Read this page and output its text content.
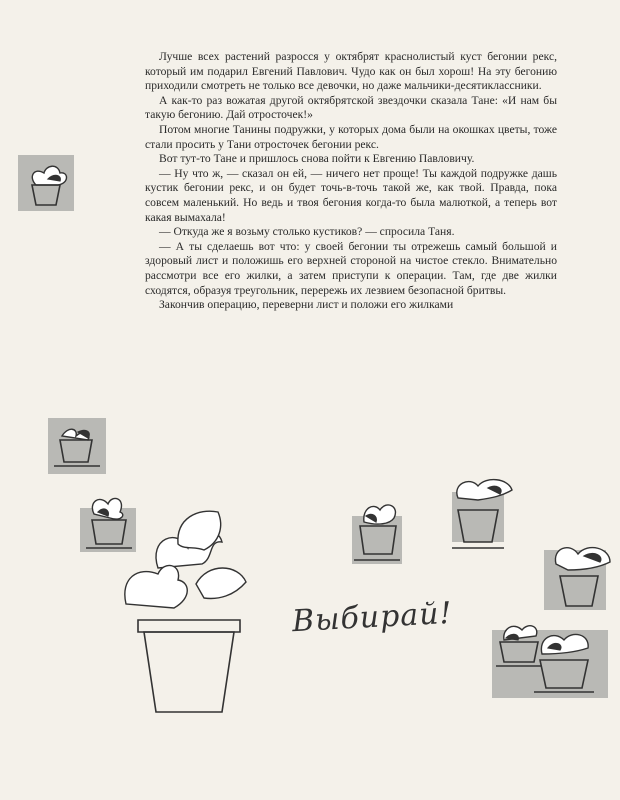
Лучше всех растений разросся у октябрят краснолистый куст бегонии рекс, который им подарил Евгений Павлович. Чудо как он был хорош! На эту бегонию приходили смотреть не только все девочки, но даже мальчики-десятиклассники.

А как-то раз вожатая другой октябрятской звездочки сказала Тане: «И нам бы такую бегонию. Дай отросточек!»

Потом многие Танины подружки, у которых дома были на окошках цветы, тоже стали просить у Тани отросточек бегонии рекс.

Вот тут-то Тане и пришлось снова пойти к Евгению Павловичу.

— Ну что ж, — сказал он ей, — ничего нет проще! Ты каждой подружке дашь кустик бегонии рекс, и он будет точь-в-точь такой же, как твой. Правда, пока совсем маленький. Но ведь и твоя бегония когда-то была малюткой, а теперь вот какая вымахала!

— Откуда же я возьму столько кустиков? — спросила Таня.

— А ты сделаешь вот что: у своей бегонии ты отрежешь самый большой и здоровый лист и положишь его верхней стороной на чистое стекло. Внимательно рассмотри все его жилки, а затем приступи к операции. Там, где две жилки сходятся, образуя треугольник, перережь их лезвием безопасной бритвы.

Закончив операцию, переверни лист и положи его жилками

Выбирай!
